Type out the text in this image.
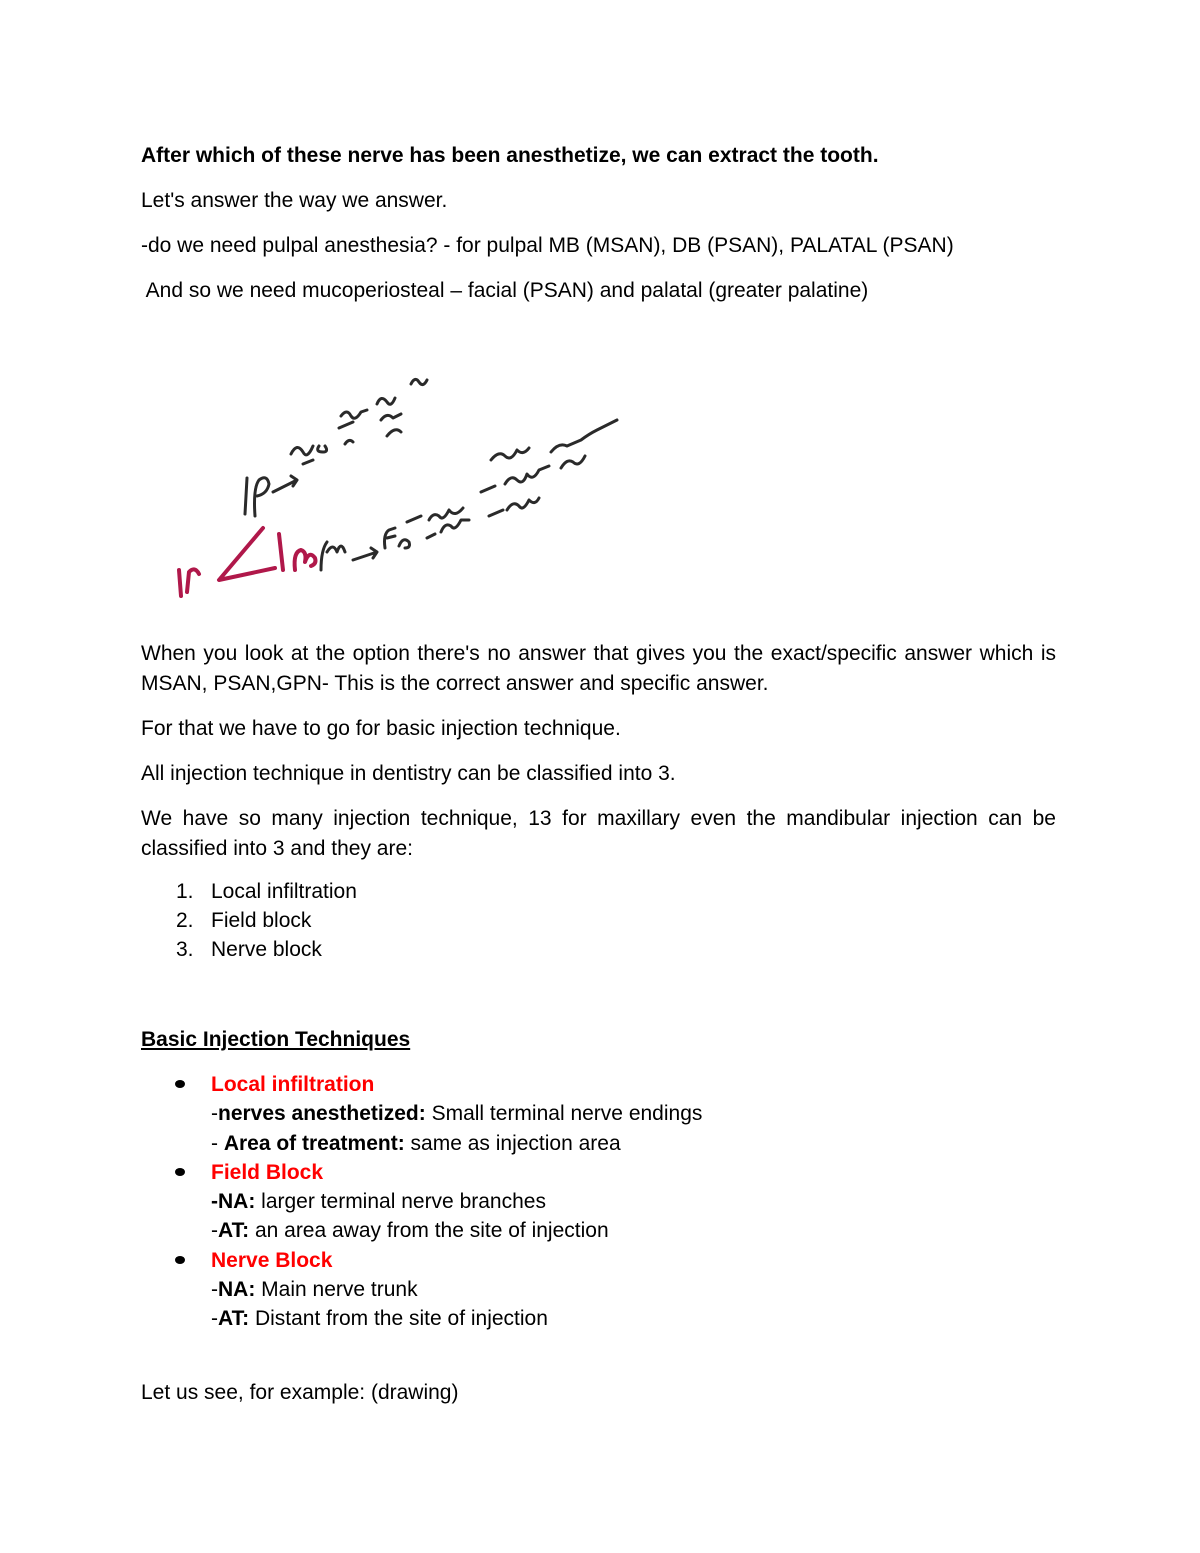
After which of these nerve has been anesthetize, we can extract the tooth.

Let's answer the way we answer.

-do we need pulpal anesthesia? - for pulpal MB (MSAN), DB (PSAN), PALATAL (PSAN)

And so we need mucoperiosteal – facial (PSAN) and palatal (greater palatine)

When you look at the option there's no answer that gives you the exact/specific answer which is MSAN, PSAN,GPN- This is the correct answer and specific answer.

For that we have to go for basic injection technique.

All injection technique in dentistry can be classified into 3.

We have so many injection technique, 13 for maxillary even the mandibular injection can be classified into 3 and they are:

1. Local infiltration
2. Field block
3. Nerve block

Basic Injection Techniques

Local infiltration
-nerves anesthetized: Small terminal nerve endings
- Area of treatment: same as injection area
Field Block
-NA: larger terminal nerve branches
-AT: an area away from the site of injection
Nerve Block
-NA: Main nerve trunk
-AT: Distant from the site of injection

Let us see, for example: (drawing)
